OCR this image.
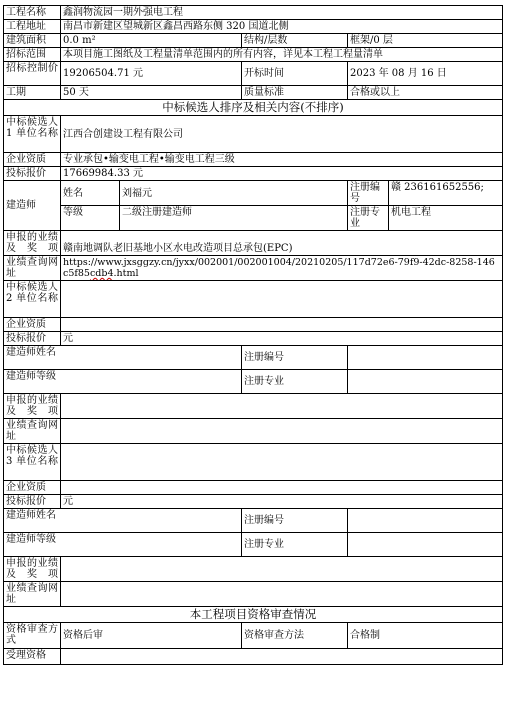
工程名称	鑫润物流园一期外强电工程				
工程地址	南昌市新建区望城新区鑫昌西路东侧 320 国道北侧				
建筑面积	0.0 m²		结构/层数	框架/0 层	
招标范围	本项目施工图纸及工程量清单范围内的所有内容，详见本工程工程量清单				
招标控制价	19206504.71 元		开标时间	2023 年 08 月 16 日	
工期	50 天		质量标准	合格或以上	
中标候选人排序及相关内容(不排序)					
中标候选人 1 单位名称	江西合创建设工程有限公司				
企业资质	专业承包•输变电工程•输变电工程三级				
投标报价	17669984.33 元				
建造师	姓名	刘福元		注册编号	赣 236161652556;
	等级	二级注册建造师		注册专业	机电工程
申报的业绩及奖项	赣南地调队老旧基地小区水电改造项目总承包(EPC)				
业绩查询网址	https://www.jxsggzy.cn/jyxx/002001/002001004/20210205/117d72e6-79f9-42dc-8258-146c5f85cdb4.html				
中标候选人 2 单位名称					
企业资质					
投标报价	元				
建造师姓名			注册编号		
建造师等级			注册专业		
申报的业绩及奖项					
业绩查询网址					
中标候选人 3 单位名称					
企业资质					
投标报价	元				
建造师姓名			注册编号		
建造师等级			注册专业		
申报的业绩及奖项					
业绩查询网址					
本工程项目资格审查情况					
资格审查方式	资格后审		资格审查方法	合格制	
受理资格					
